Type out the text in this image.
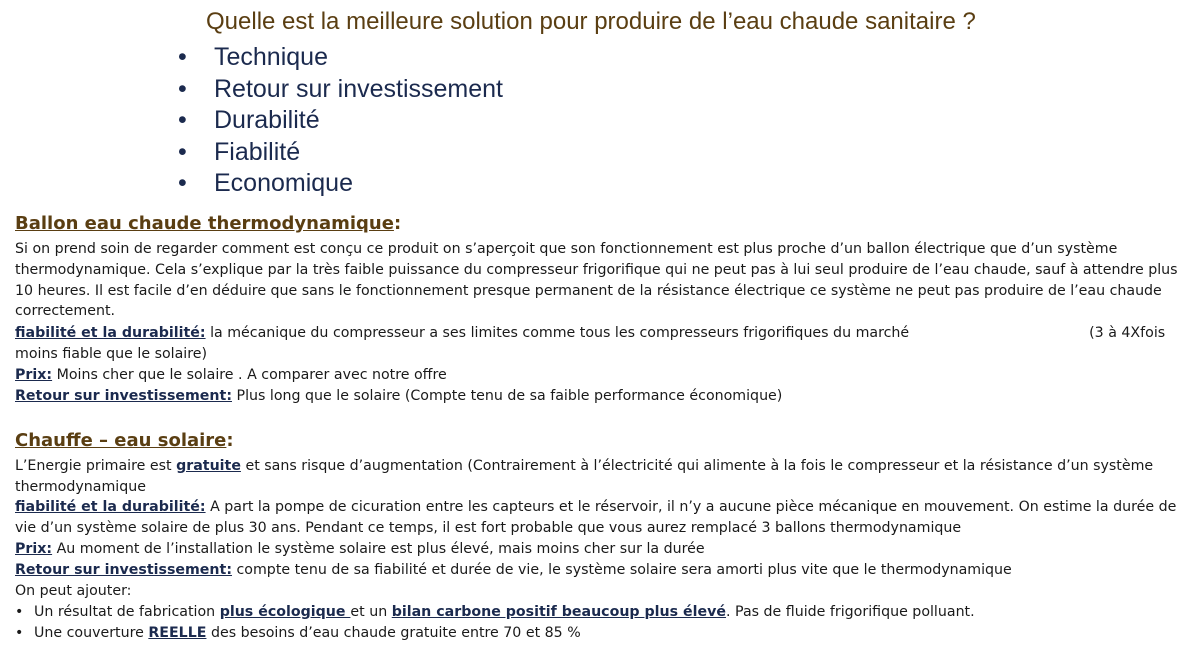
Quelle est la meilleure solution pour produire de l’eau chaude sanitaire ?
• Technique
• Retour sur investissement
• Durabilité
• Fiabilité
• Economique
Ballon eau chaude thermodynamique:
Si on prend soin de regarder comment est conçu ce produit on s’aperçoit que son fonctionnement est plus proche d’un ballon électrique que d’un système thermodynamique. Cela s’explique par la très faible puissance du compresseur frigorifique qui ne peut pas à lui seul produire de l’eau chaude, sauf à attendre plus 10 heures. Il est facile d’en déduire que sans le fonctionnement presque permanent de la résistance électrique ce système ne peut pas produire de l’eau chaude correctement.
fiabilité et la durabilité: la mécanique du compresseur a ses limites comme tous les compresseurs frigorifiques du marché	(3 à 4Xfois moins fiable que le solaire)
Prix: Moins cher que le solaire . A comparer avec notre offre
Retour sur investissement: Plus long que le solaire (Compte tenu de sa faible performance économique)
Chauffe – eau solaire:
L’Energie primaire est gratuite et sans risque d’augmentation (Contrairement à l’électricité qui alimente à la fois le compresseur et la résistance d’un système thermodynamique
fiabilité et la durabilité: A part la pompe de cicuration entre les capteurs et le réservoir, il n’y a aucune pièce mécanique en mouvement. On estime la durée de vie d’un système solaire de plus 30 ans. Pendant ce temps, il est fort probable que vous aurez remplacé 3 ballons thermodynamique
Prix: Au moment de l’installation le système solaire est plus élevé, mais moins cher sur la durée
Retour sur investissement: compte tenu de sa fiabilité et durée de vie, le système solaire sera amorti plus vite que le thermodynamique
On peut ajouter:
• Un résultat de fabrication plus écologique et un bilan carbone positif beaucoup plus élevé. Pas de fluide frigorifique polluant.
• Une couverture REELLE des besoins d’eau chaude gratuite entre 70 et 85 %
